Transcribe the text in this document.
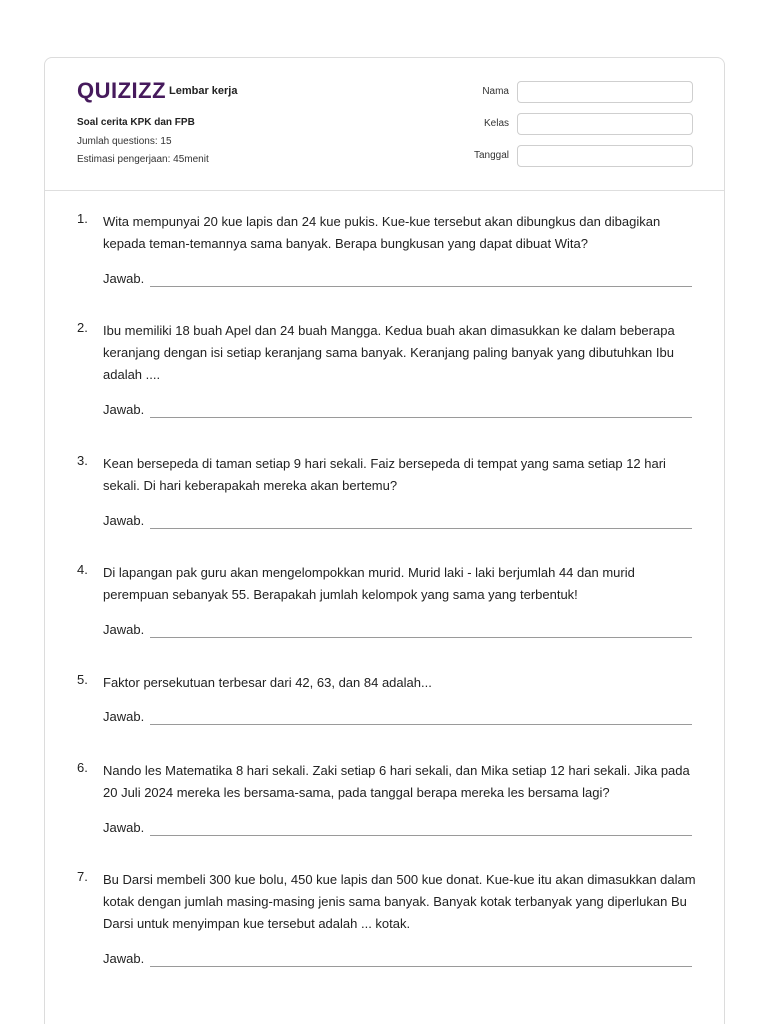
QUIZIZZ Lembar kerja
Soal cerita KPK dan FPB
Jumlah questions: 15
Estimasi pengerjaan: 45menit
Nama
Kelas
Tanggal
1. Wita mempunyai 20 kue lapis dan 24 kue pukis. Kue-kue tersebut akan dibungkus dan dibagikan kepada teman-temannya sama banyak. Berapa bungkusan yang dapat dibuat Wita?
Jawab.
2. Ibu memiliki 18 buah Apel dan 24 buah Mangga. Kedua buah akan dimasukkan ke dalam beberapa keranjang dengan isi setiap keranjang sama banyak. Keranjang paling banyak yang dibutuhkan Ibu adalah ....
Jawab.
3. Kean bersepeda di taman setiap 9 hari sekali. Faiz bersepeda di tempat yang sama setiap 12 hari sekali. Di hari keberapakah mereka akan bertemu?
Jawab.
4. Di lapangan pak guru akan mengelompokkan murid. Murid laki - laki berjumlah 44 dan murid perempuan sebanyak 55. Berapakah jumlah kelompok yang sama yang terbentuk!
Jawab.
5. Faktor persekutuan terbesar dari 42, 63, dan 84 adalah...
Jawab.
6. Nando les Matematika 8 hari sekali. Zaki setiap 6 hari sekali, dan Mika setiap 12 hari sekali. Jika pada 20 Juli 2024 mereka les bersama-sama, pada tanggal berapa mereka les bersama lagi?
Jawab.
7. Bu Darsi membeli 300 kue bolu, 450 kue lapis dan 500 kue donat. Kue-kue itu akan dimasukkan dalam kotak dengan jumlah masing-masing jenis sama banyak. Banyak kotak terbanyak yang diperlukan Bu Darsi untuk menyimpan kue tersebut adalah ... kotak.
Jawab.
